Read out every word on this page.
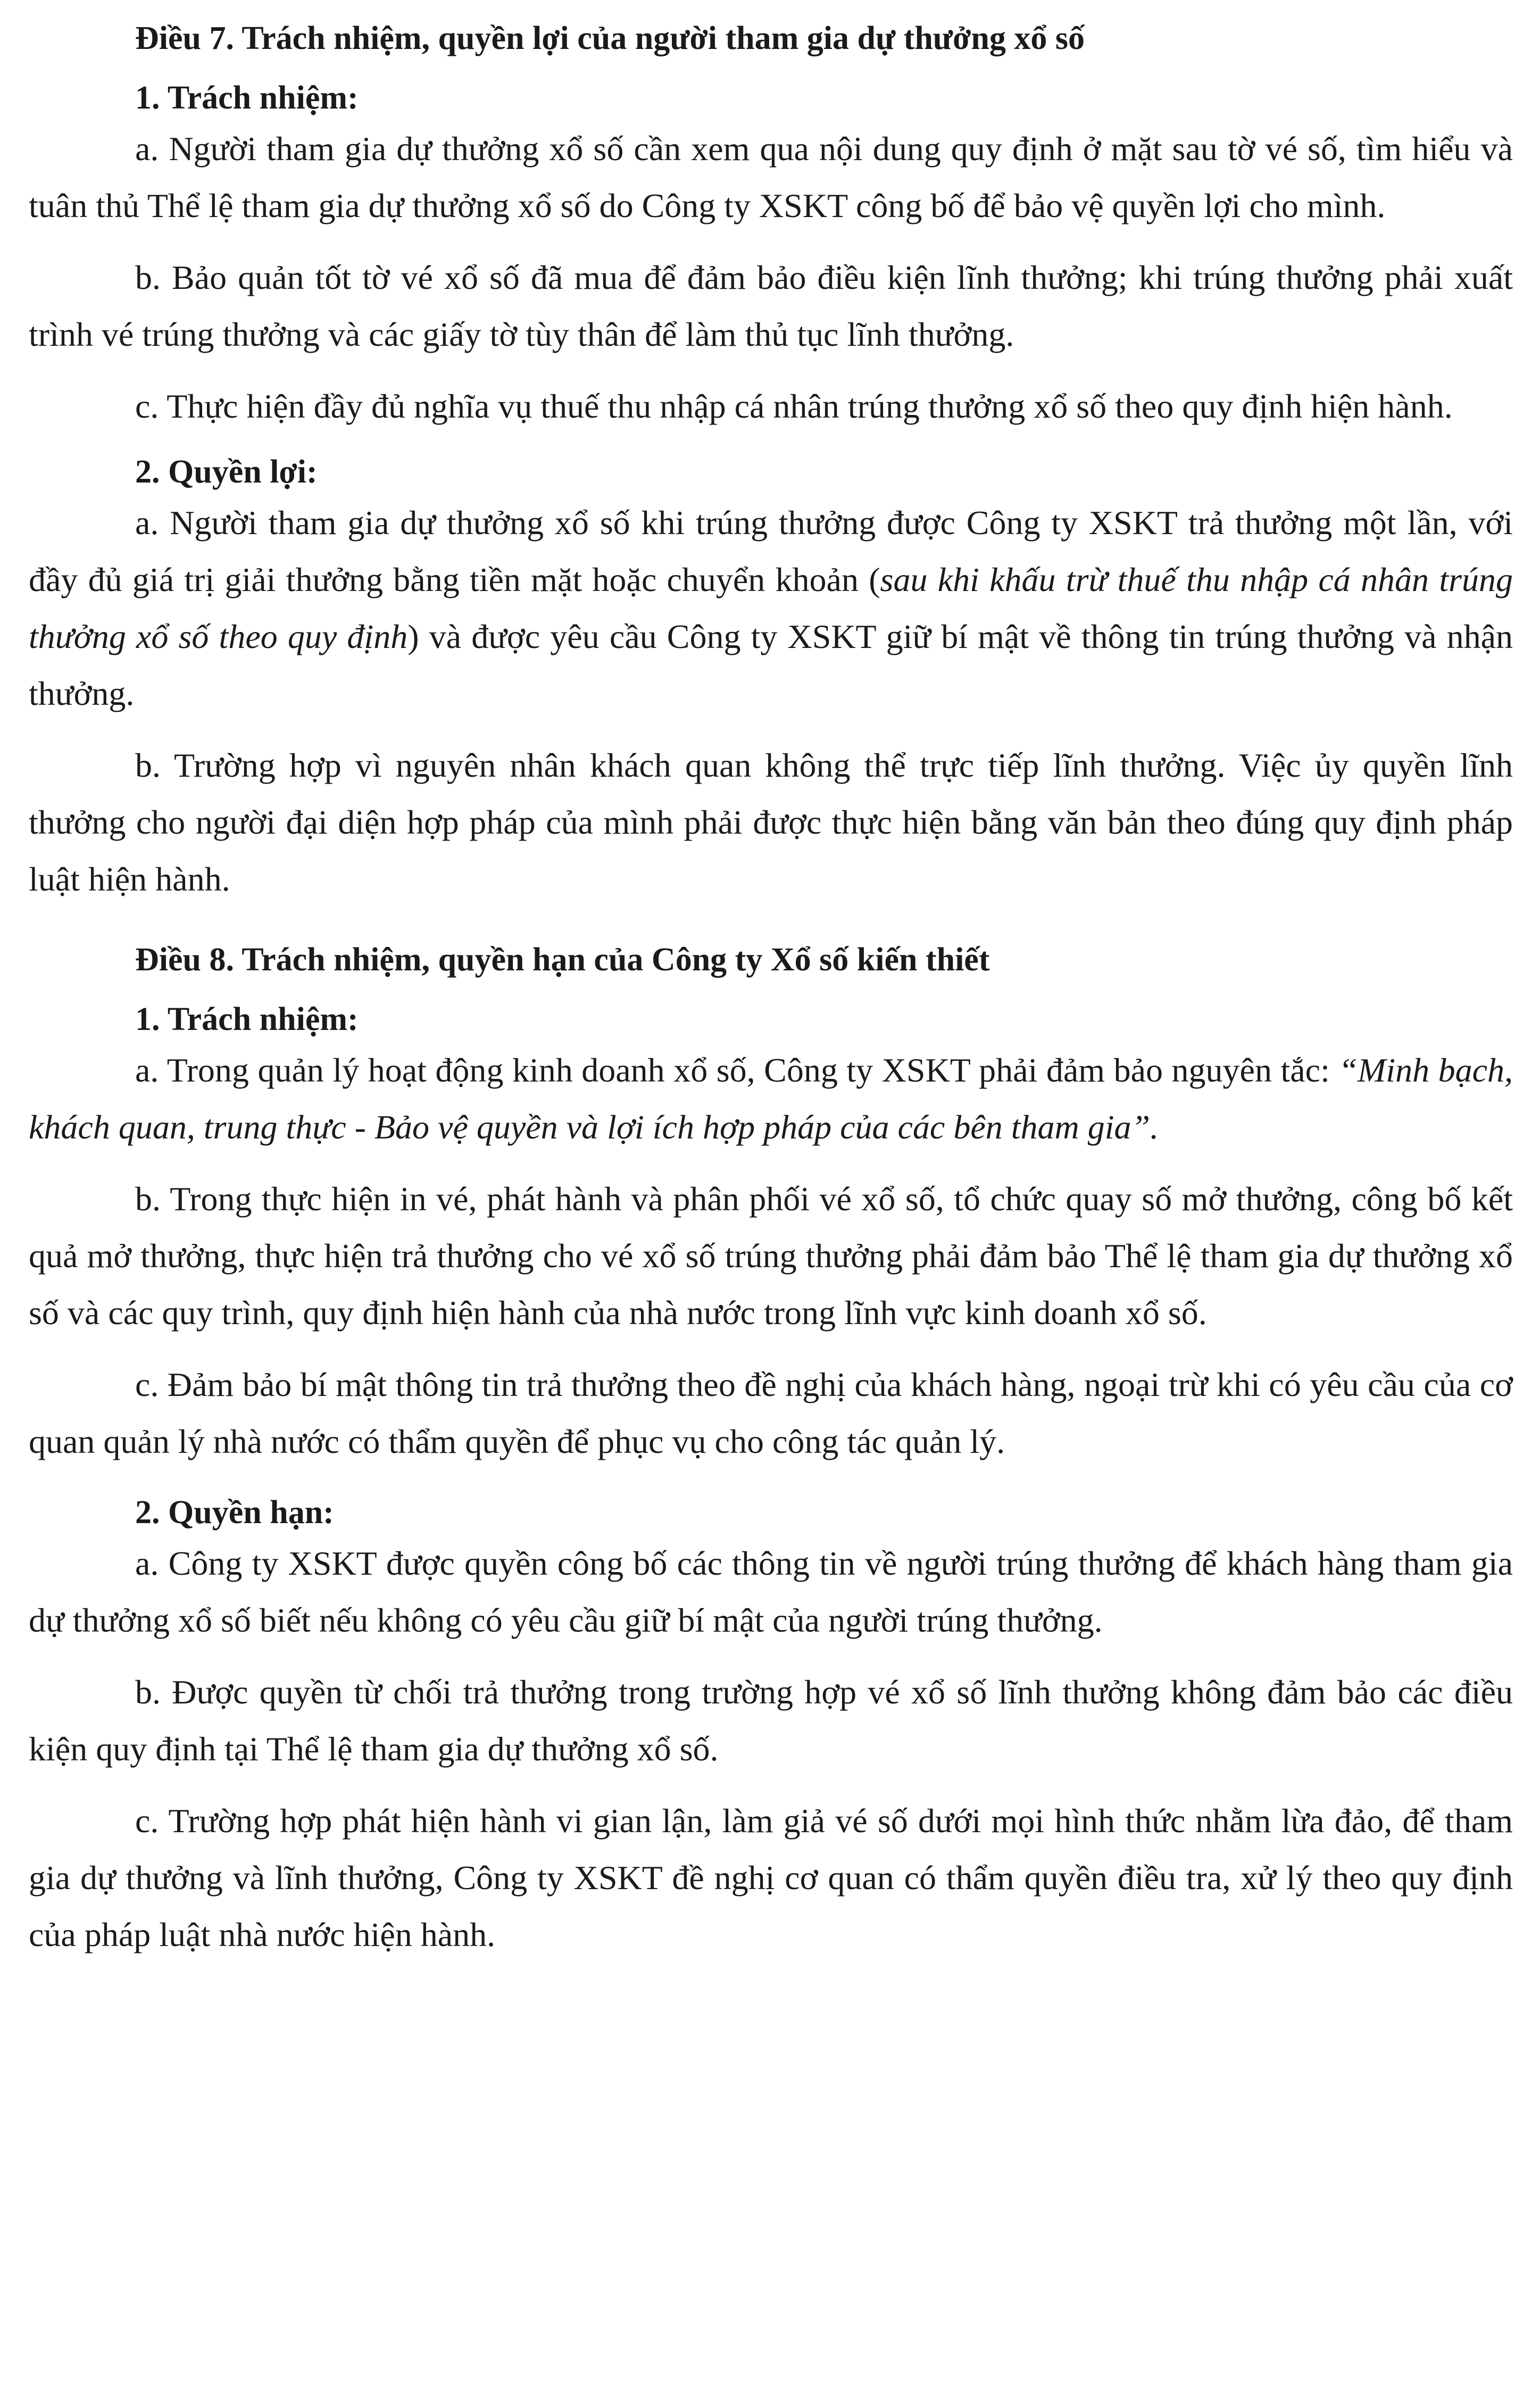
Điều 7. Trách nhiệm, quyền lợi của người tham gia dự thưởng xổ số
1. Trách nhiệm:

a. Người tham gia dự thưởng xổ số cần xem qua nội dung quy định ở mặt sau tờ vé số, tìm hiểu và tuân thủ Thể lệ tham gia dự thưởng xổ số do Công ty XSKT công bố để bảo vệ quyền lợi cho mình.

b. Bảo quản tốt tờ vé xổ số đã mua để đảm bảo điều kiện lĩnh thưởng; khi trúng thưởng phải xuất trình vé trúng thưởng và các giấy tờ tùy thân để làm thủ tục lĩnh thưởng.

c. Thực hiện đầy đủ nghĩa vụ thuế thu nhập cá nhân trúng thưởng xổ số theo quy định hiện hành.

2. Quyền lợi:

a. Người tham gia dự thưởng xổ số khi trúng thưởng được Công ty XSKT trả thưởng một lần, với đầy đủ giá trị giải thưởng bằng tiền mặt hoặc chuyển khoản (sau khi khấu trừ thuế thu nhập cá nhân trúng thưởng xổ số theo quy định) và được yêu cầu Công ty XSKT giữ bí mật về thông tin trúng thưởng và nhận thưởng.

b. Trường hợp vì nguyên nhân khách quan không thể trực tiếp lĩnh thưởng. Việc ủy quyền lĩnh thưởng cho người đại diện hợp pháp của mình phải được thực hiện bằng văn bản theo đúng quy định pháp luật hiện hành.

Điều 8. Trách nhiệm, quyền hạn của Công ty Xổ số kiến thiết
1. Trách nhiệm:

a. Trong quản lý hoạt động kinh doanh xổ số, Công ty XSKT phải đảm bảo nguyên tắc: “Minh bạch, khách quan, trung thực - Bảo vệ quyền và lợi ích hợp pháp của các bên tham gia”.

b. Trong thực hiện in vé, phát hành và phân phối vé xổ số, tổ chức quay số mở thưởng, công bố kết quả mở thưởng, thực hiện trả thưởng cho vé xổ số trúng thưởng phải đảm bảo Thể lệ tham gia dự thưởng xổ số và các quy trình, quy định hiện hành của nhà nước trong lĩnh vực kinh doanh xổ số.

c. Đảm bảo bí mật thông tin trả thưởng theo đề nghị của khách hàng, ngoại trừ khi có yêu cầu của cơ quan quản lý nhà nước có thẩm quyền để phục vụ cho công tác quản lý.

2. Quyền hạn:

a. Công ty XSKT được quyền công bố các thông tin về người trúng thưởng để khách hàng tham gia dự thưởng xổ số biết nếu không có yêu cầu giữ bí mật của người trúng thưởng.

b. Được quyền từ chối trả thưởng trong trường hợp vé xổ số lĩnh thưởng không đảm bảo các điều kiện quy định tại Thể lệ tham gia dự thưởng xổ số.

c. Trường hợp phát hiện hành vi gian lận, làm giả vé số dưới mọi hình thức nhằm lừa đảo, để tham gia dự thưởng và lĩnh thưởng, Công ty XSKT đề nghị cơ quan có thẩm quyền điều tra, xử lý theo quy định của pháp luật nhà nước hiện hành.
